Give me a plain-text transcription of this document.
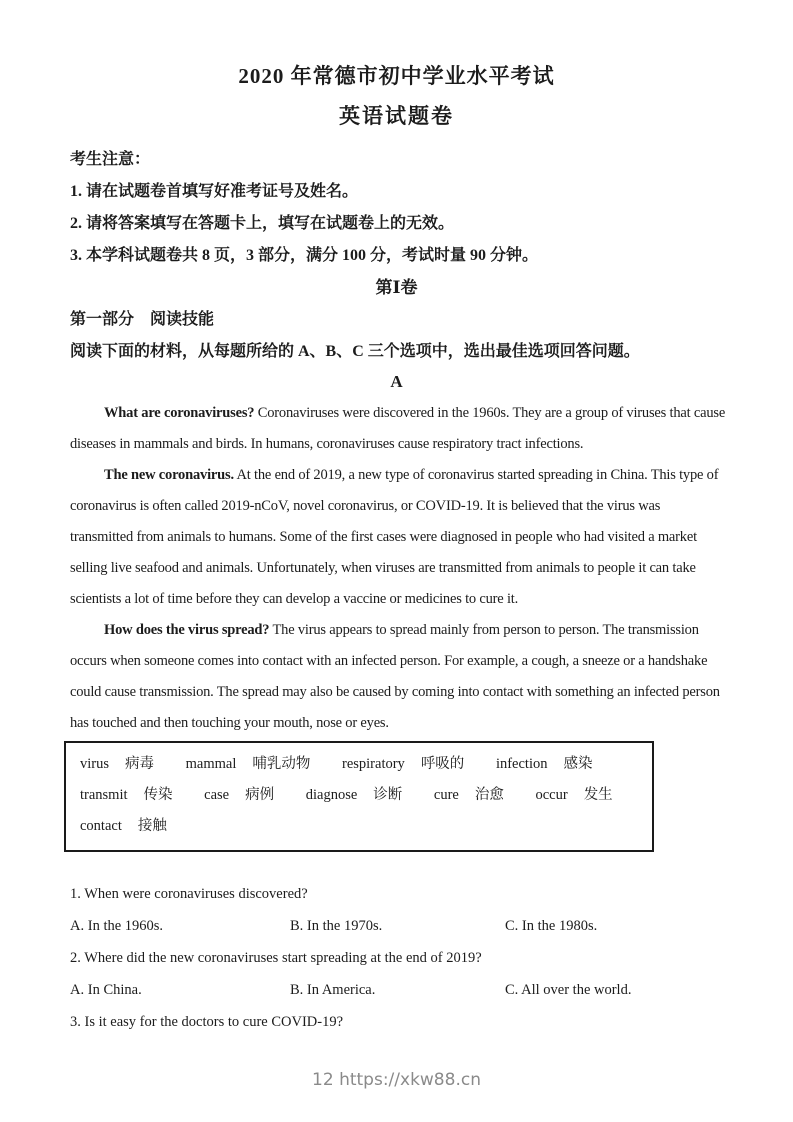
2020 年常德市初中学业水平考试
英语试题卷
考生注意：
1. 请在试题卷首填写好准考证号及姓名。
2. 请将答案填写在答题卡上，填写在试题卷上的无效。
3. 本学科试题卷共 8 页，3 部分，满分 100 分，考试时量 90 分钟。
第Ⅰ卷
第一部分　阅读技能
阅读下面的材料，从每题所给的 A、B、C 三个选项中，选出最佳选项回答问题。
A
What are coronaviruses? Coronaviruses were discovered in the 1960s. They are a group of viruses that cause
diseases in mammals and birds. In humans, coronaviruses cause respiratory tract infections.
The new coronavirus. At the end of 2019, a new type of coronavirus started spreading in China. This type of
coronavirus is often called 2019-nCoV, novel coronavirus, or COVID-19. It is believed that the virus was
transmitted from animals to humans. Some of the first cases were diagnosed in people who had visited a market
selling live seafood and animals. Unfortunately, when viruses are transmitted from animals to people it can take
scientists a lot of time before they can develop a vaccine or medicines to cure it.
How does the virus spread? The virus appears to spread mainly from person to person. The transmission
occurs when someone comes into contact with an infected person. For example, a cough, a sneeze or a handshake
could cause transmission. The spread may also be caused by coming into contact with something an infected person
has touched and then touching your mouth, nose or eyes.
virus 病毒 mammal 哺乳动物 respiratory 呼吸的 infection 感染
transmit 传染 case 病例 diagnose 诊断 cure 治愈 occur 发生
contact 接触
1. When were coronaviruses discovered?
A. In the 1960s.	B. In the 1970s.	C. In the 1980s.
2. Where did the new coronaviruses start spreading at the end of 2019?
A. In China.	B. In America.	C. All over the world.
3. Is it easy for the doctors to cure COVID-19?
12 https://xkw88.cn
